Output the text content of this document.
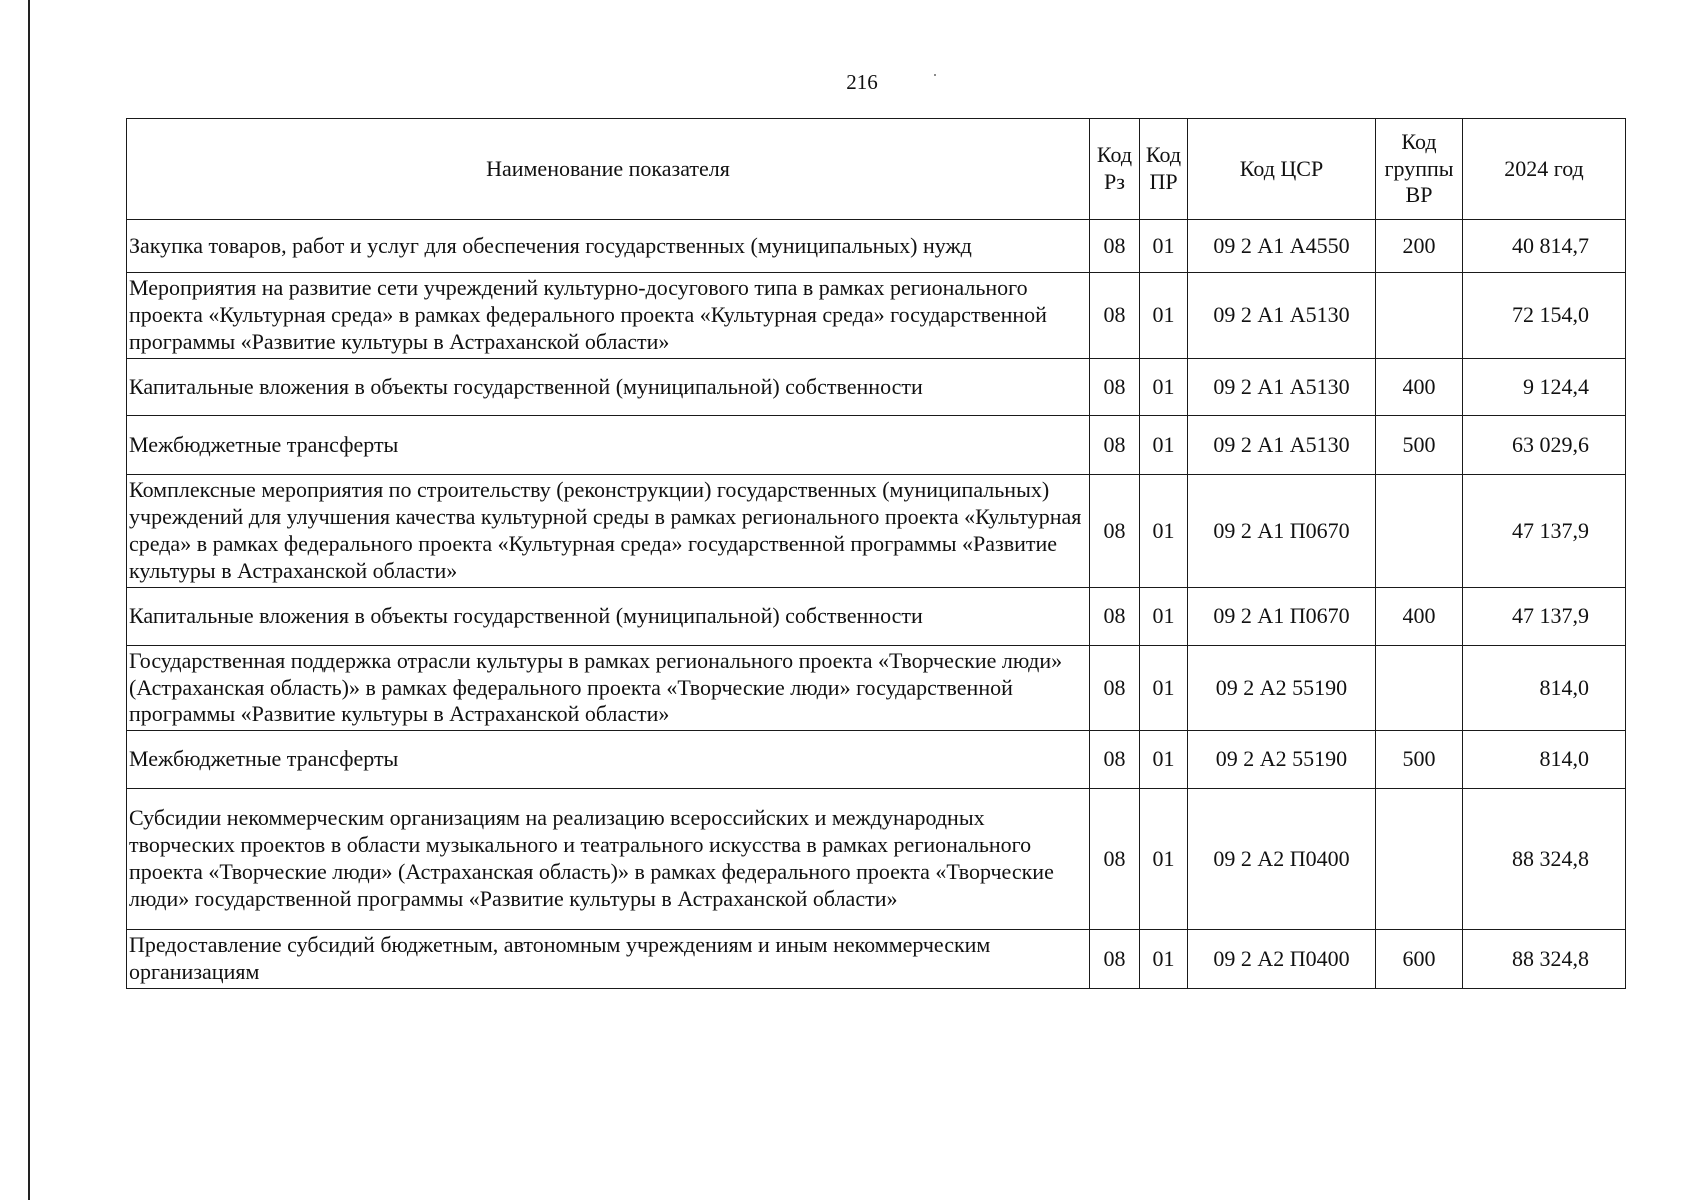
216
Наименование показателя	Код Рз	Код ПР	Код ЦСР	Код группы ВР	2024 год
Закупка товаров, работ и услуг для обеспечения государственных (муниципальных) нужд	08	01	09 2 А1 А4550	200	40 814,7
Мероприятия на развитие сети учреждений культурно-досугового типа в рамках регионального проекта «Культурная среда» в рамках федерального проекта «Культурная среда» государственной программы «Развитие культуры в Астраханской области»	08	01	09 2 А1 А5130		72 154,0
Капитальные вложения в объекты государственной (муниципальной) собственности	08	01	09 2 А1 А5130	400	9 124,4
Межбюджетные трансферты	08	01	09 2 А1 А5130	500	63 029,6
Комплексные мероприятия по строительству (реконструкции) государственных (муниципальных) учреждений для улучшения качества культурной среды в рамках регионального проекта «Культурная среда» в рамках федерального проекта «Культурная среда» государственной программы «Развитие культуры в Астраханской области»	08	01	09 2 А1 П0670		47 137,9
Капитальные вложения в объекты государственной (муниципальной) собственности	08	01	09 2 А1 П0670	400	47 137,9
Государственная поддержка отрасли культуры в рамках регионального проекта «Творческие люди» (Астраханская область)» в рамках федерального проекта «Творческие люди» государственной программы «Развитие культуры в Астраханской области»	08	01	09 2 А2 55190		814,0
Межбюджетные трансферты	08	01	09 2 А2 55190	500	814,0
Субсидии некоммерческим организациям на реализацию всероссийских и международных творческих проектов в области музыкального и театрального искусства в рамках регионального проекта «Творческие люди» (Астраханская область)» в рамках федерального проекта «Творческие люди» государственной программы «Развитие культуры в Астраханской области»	08	01	09 2 А2 П0400		88 324,8
Предоставление субсидий бюджетным, автономным учреждениям и иным некоммерческим организациям	08	01	09 2 А2 П0400	600	88 324,8
